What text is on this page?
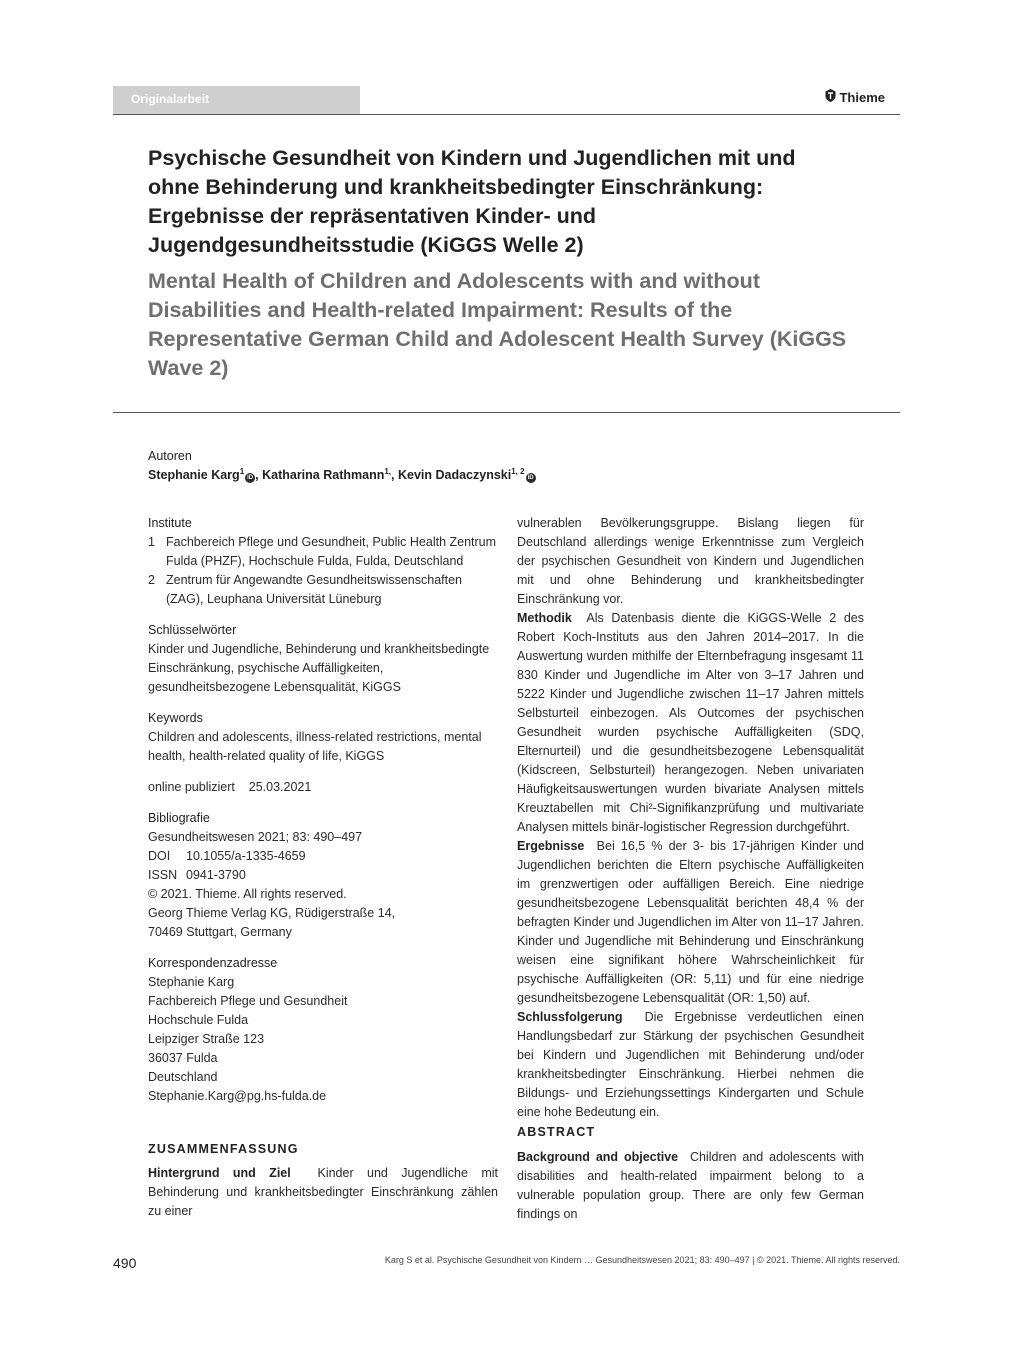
Originalarbeit	Thieme
Psychische Gesundheit von Kindern und Jugendlichen mit und ohne Behinderung und krankheitsbedingter Einschränkung: Ergebnisse der repräsentativen Kinder- und Jugendgesundheitsstudie (KiGGS Welle 2)
Mental Health of Children and Adolescents with and without Disabilities and Health-related Impairment: Results of the Representative German Child and Adolescent Health Survey (KiGGS Wave 2)
Autoren
Stephanie Karg$^1$iD , Katharina Rathmann$^{1,}$, Kevin Dadaczynski$^{1, 2}$iD
Institute
1 Fachbereich Pflege und Gesundheit, Public Health Zentrum Fulda (PHZF), Hochschule Fulda, Fulda, Deutschland
2 Zentrum für Angewandte Gesundheitswissenschaften (ZAG), Leuphana Universität Lüneburg
Schlüsselwörter
Kinder und Jugendliche, Behinderung und krankheitsbedingte Einschränkung, psychische Auffälligkeiten, gesundheitsbezogene Lebensqualität, KiGGS
Keywords
Children and adolescents, illness-related restrictions, mental health, health-related quality of life, KiGGS
online publiziert 25.03.2021
Bibliografie
Gesundheitswesen 2021; 83: 490–497
DOI 10.1055/a-1335-4659
ISSN 0941-3790
© 2021. Thieme. All rights reserved.
Georg Thieme Verlag KG, Rüdigerstraße 14,
70469 Stuttgart, Germany
Korrespondenzadresse
Stephanie Karg
Fachbereich Pflege und Gesundheit
Hochschule Fulda
Leipziger Straße 123
36037 Fulda
Deutschland
Stephanie.Karg@pg.hs-fulda.de
ZUSAMMENFASSUNG
Hintergrund und Ziel Kinder und Jugendliche mit Behinderung und krankheitsbedingter Einschränkung zählen zu einer

vulnerablen Bevölkerungsgruppe. Bislang liegen für Deutschland allerdings wenige Erkenntnisse zum Vergleich der psychischen Gesundheit von Kindern und Jugendlichen mit und ohne Behinderung und krankheitsbedingter Einschränkung vor.

Methodik Als Datenbasis diente die KiGGS-Welle 2 des Robert Koch-Instituts aus den Jahren 2014–2017. In die Auswertung wurden mithilfe der Elternbefragung insgesamt 11 830 Kinder und Jugendliche im Alter von 3–17 Jahren und 5222 Kinder und Jugendliche zwischen 11–17 Jahren mittels Selbsturteil einbezogen. Als Outcomes der psychischen Gesundheit wurden psychische Auffälligkeiten (SDQ, Elternurteil) und die gesundheitsbezogene Lebensqualität (Kidscreen, Selbsturteil) herangezogen. Neben univariaten Häufigkeitsauswertungen wurden bivariate Analysen mittels Kreuztabellen mit Chi²-Signifikanzprüfung und multivariate Analysen mittels binär-logistischer Regression durchgeführt.

Ergebnisse Bei 16,5 % der 3- bis 17-jährigen Kinder und Jugendlichen berichten die Eltern psychische Auffälligkeiten im grenzwertigen oder auffälligen Bereich. Eine niedrige gesundheitsbezogene Lebensqualität berichten 48,4 % der befragten Kinder und Jugendlichen im Alter von 11–17 Jahren. Kinder und Jugendliche mit Behinderung und Einschränkung weisen eine signifikant höhere Wahrscheinlichkeit für psychische Auffälligkeiten (OR: 5,11) und für eine niedrige gesundheitsbezogene Lebensqualität (OR: 1,50) auf.

Schlussfolgerung Die Ergebnisse verdeutlichen einen Handlungsbedarf zur Stärkung der psychischen Gesundheit bei Kindern und Jugendlichen mit Behinderung und/oder krankheitsbedingter Einschränkung. Hierbei nehmen die Bildungs- und Erziehungssettings Kindergarten und Schule eine hohe Bedeutung ein.

ABSTRACT
Background and objective Children and adolescents with disabilities and health-related impairment belong to a vulnerable population group. There are only few German findings on
490	Karg S et al. Psychische Gesundheit von Kindern … Gesundheitswesen 2021; 83: 490–497 | © 2021. Thieme. All rights reserved.
